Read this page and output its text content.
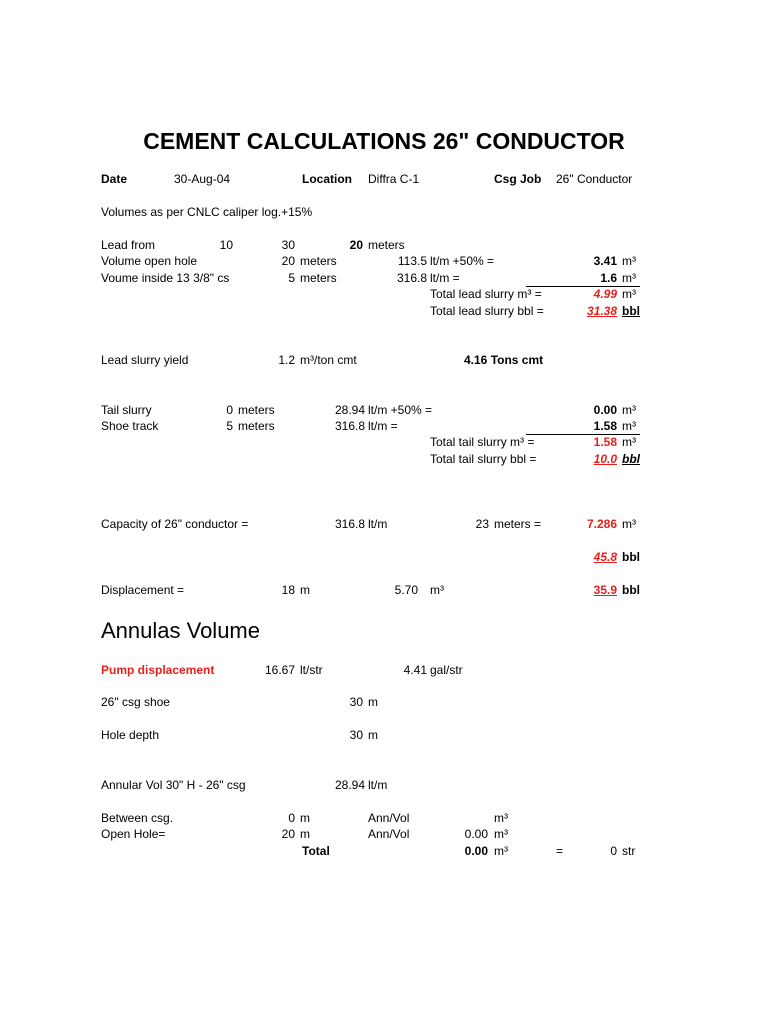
CEMENT CALCULATIONS 26" CONDUCTOR
Date	30-Aug-04	Location Diffra C-1	Csg Job 26" Conductor
Volumes as per CNLC caliper log.+15%
Lead from	10	30	20 meters
Volume open hole	20 meters	113.5 lt/m +50% =	3.41 m³
Voume inside 13 3/8" cs	5 meters	316.8 lt/m =	1.6 m³
Total lead slurry m³ =	4.99 m³
Total lead slurry bbl =	31.38 bbl
Lead slurry yield	1.2 m³/ton cmt	4.16 Tons cmt
Tail slurry	0 meters	28.94 lt/m +50% =	0.00 m³
Shoe track	5 meters	316.8 lt/m =	1.58 m³
Total tail slurry m³ =	1.58 m³
Total tail slurry bbl =	10.0 bbl
Capacity of 26" conductor =	316.8 lt/m	23 meters =	7.286 m³
45.8 bbl
Displacement =	18 m	5.70 m³	35.9 bbl
Annulas Volume
Pump displacement	16.67 lt/str	4.41 gal/str
26" csg shoe	30 m
Hole depth	30 m
Annular Vol 30" H - 26" csg	28.94 lt/m
Between csg.	0 m	Ann/Vol	m³
Open Hole=	20 m	Ann/Vol	0.00 m³
Total	0.00 m³	=	0 str
